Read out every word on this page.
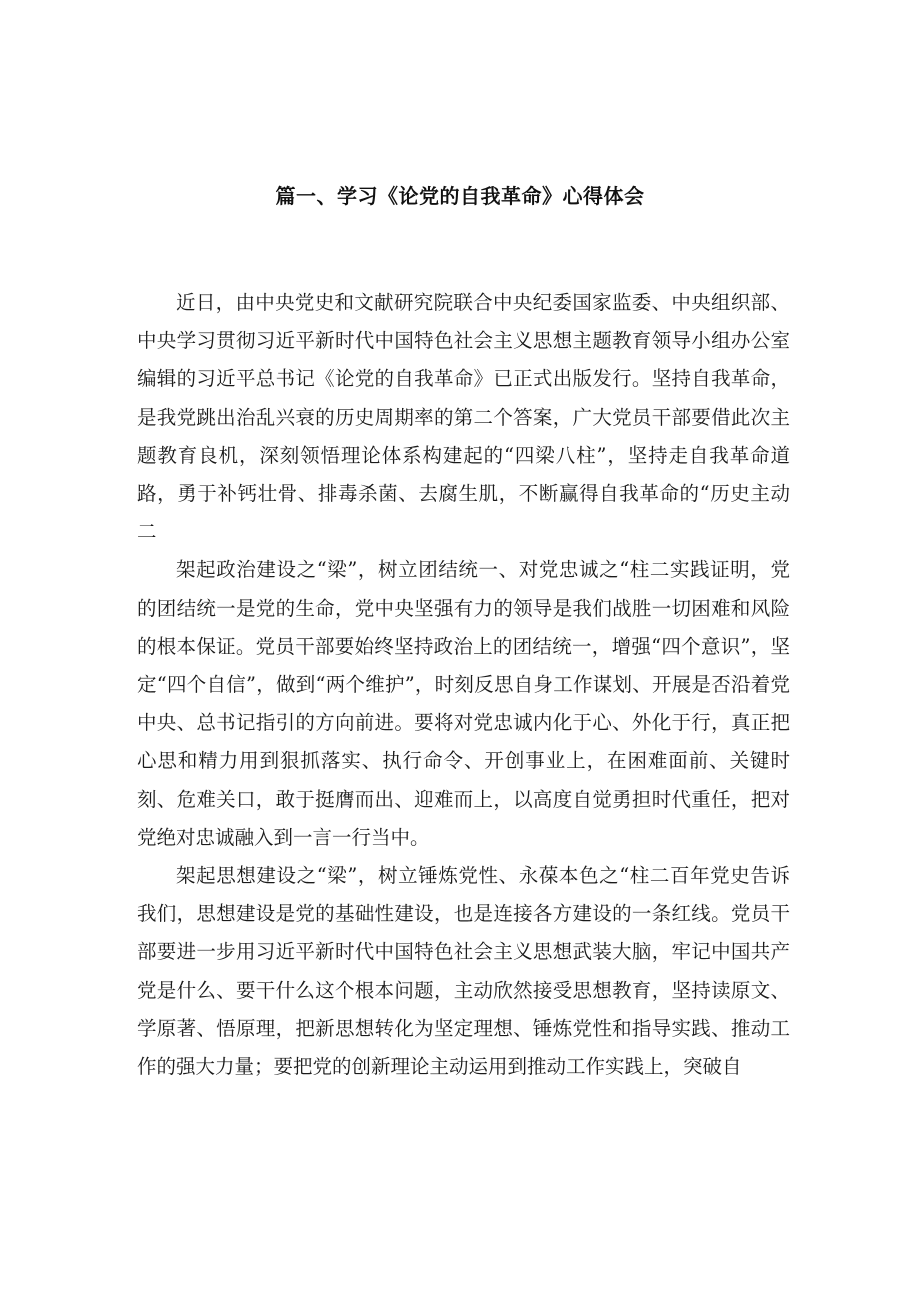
篇一、学习《论党的自我革命》心得体会

近日，由中央党史和文献研究院联合中央纪委国家监委、中央组织部、中央学习贯彻习近平新时代中国特色社会主义思想主题教育领导小组办公室编辑的习近平总书记《论党的自我革命》已正式出版发行。坚持自我革命，是我党跳出治乱兴衰的历史周期率的第二个答案，广大党员干部要借此次主题教育良机，深刻领悟理论体系构建起的“四梁八柱”，坚持走自我革命道路，勇于补钙壮骨、排毒杀菌、去腐生肌，不断赢得自我革命的“历史主动二

架起政治建设之“梁”，树立团结统一、对党忠诚之“柱二实践证明，党的团结统一是党的生命，党中央坚强有力的领导是我们战胜一切困难和风险的根本保证。党员干部要始终坚持政治上的团结统一，增强“四个意识”，坚定“四个自信”，做到“两个维护”，时刻反思自身工作谋划、开展是否沿着党中央、总书记指引的方向前进。要将对党忠诚内化于心、外化于行，真正把心思和精力用到狠抓落实、执行命令、开创事业上，在困难面前、关键时刻、危难关口，敢于挺膺而出、迎难而上，以高度自觉勇担时代重任，把对党绝对忠诚融入到一言一行当中。

架起思想建设之“梁”，树立锤炼党性、永葆本色之“柱二百年党史告诉我们，思想建设是党的基础性建设，也是连接各方建设的一条红线。党员干部要进一步用习近平新时代中国特色社会主义思想武装大脑，牢记中国共产党是什么、要干什么这个根本问题，主动欣然接受思想教育，坚持读原文、学原著、悟原理，把新思想转化为坚定理想、锤炼党性和指导实践、推动工作的强大力量；要把党的创新理论主动运用到推动工作实践上，突破自
